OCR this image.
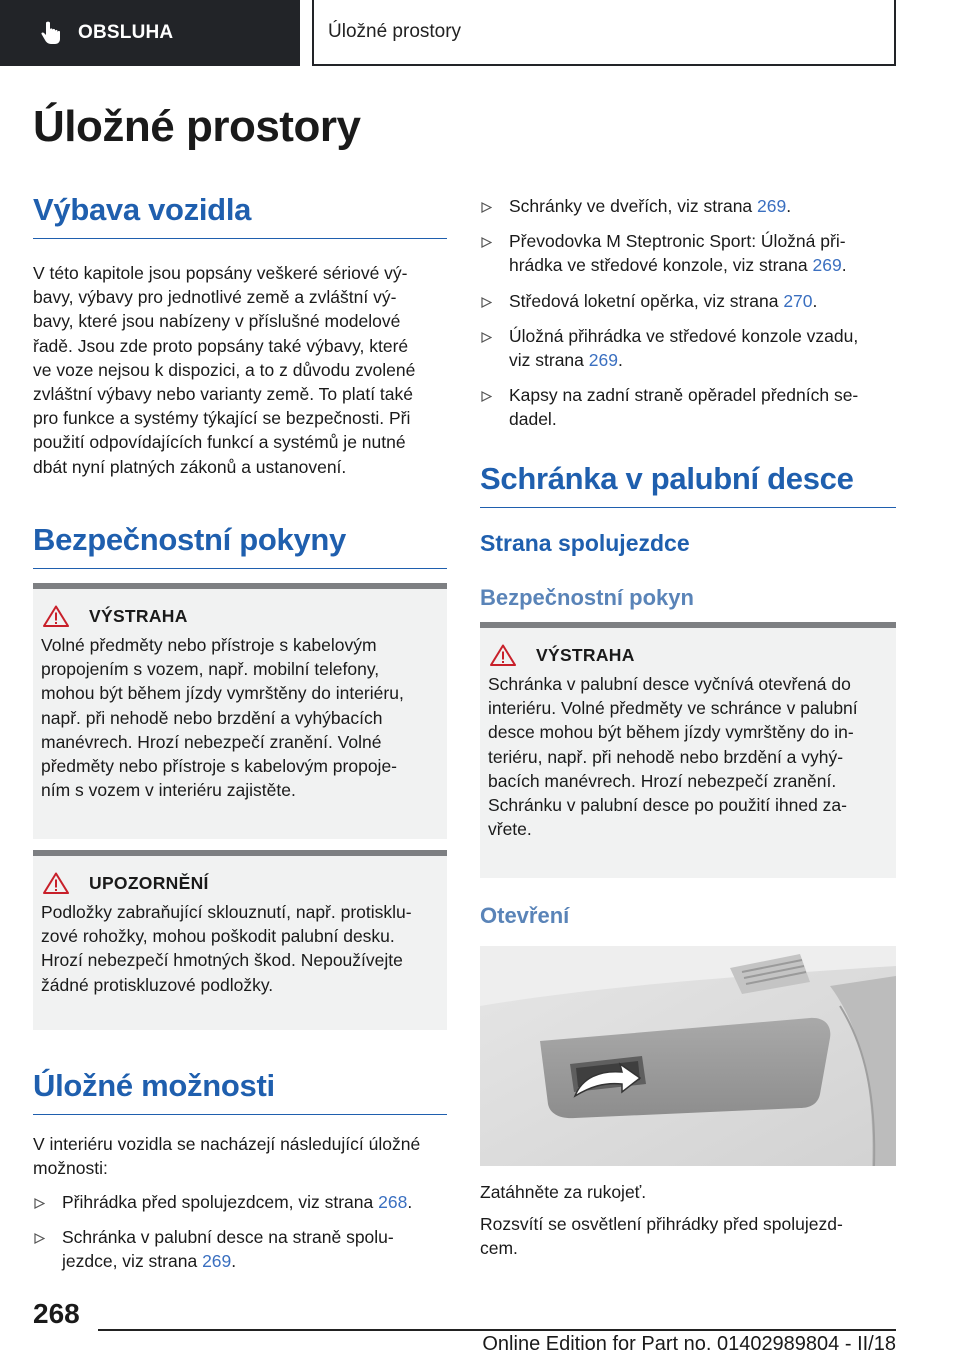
OBSLUHA	Úložné prostory
Úložné prostory
Výbava vozidla
V této kapitole jsou popsány veškeré sériové vý‐
bavy, výbavy pro jednotlivé země a zvláštní vý‐
bavy, které jsou nabízeny v příslušné modelové
řadě. Jsou zde proto popsány také výbavy, které
ve voze nejsou k dispozici, a to z důvodu zvolené
zvláštní výbavy nebo varianty země. To platí také
pro funkce a systémy týkající se bezpečnosti. Při
použití odpovídajících funkcí a systémů je nutné
dbát nyní platných zákonů a ustanovení.
Bezpečnostní pokyny
VÝSTRAHA
Volné předměty nebo přístroje s kabelovým
propojením s vozem, např. mobilní telefony,
mohou být během jízdy vymrštěny do interiéru,
např. při nehodě nebo brzdění a vyhýbacích
manévrech. Hrozí nebezpečí zranění. Volné
předměty nebo přístroje s kabelovým propoje‐
ním s vozem v interiéru zajistěte.
UPOZORNĚNÍ
Podložky zabraňující sklouznutí, např. protisklu‐
zové rohožky, mohou poškodit palubní desku.
Hrozí nebezpečí hmotných škod. Nepoužívejte
žádné protiskluzové podložky.
Úložné možnosti
V interiéru vozidla se nacházejí následující úložné
možnosti:
Přihrádka před spolujezdcem, viz strana 268.
Schránka v palubní desce na straně spolu‐
jezdce, viz strana 269.
Schránky ve dveřích, viz strana 269.
Převodovka M Steptronic Sport: Úložná při‐
hrádka ve středové konzole, viz strana 269.
Středová loketní opěrka, viz strana 270.
Úložná přihrádka ve středové konzole vzadu,
viz strana 269.
Kapsy na zadní straně opěradel předních se‐
dadel.
Schránka v palubní desce
Strana spolujezdce
Bezpečnostní pokyn
VÝSTRAHA
Schránka v palubní desce vyčnívá otevřená do
interiéru. Volné předměty ve schránce v palubní
desce mohou být během jízdy vymrštěny do in‐
teriéru, např. při nehodě nebo brzdění a vyhý‐
bacích manévrech. Hrozí nebezpečí zranění.
Schránku v palubní desce po použití ihned za‐
vřete.
Otevření
Zatáhněte za rukojeť.
Rozsvítí se osvětlení přihrádky před spolujezd‐
cem.
268
Online Edition for Part no. 01402989804 - II/18
